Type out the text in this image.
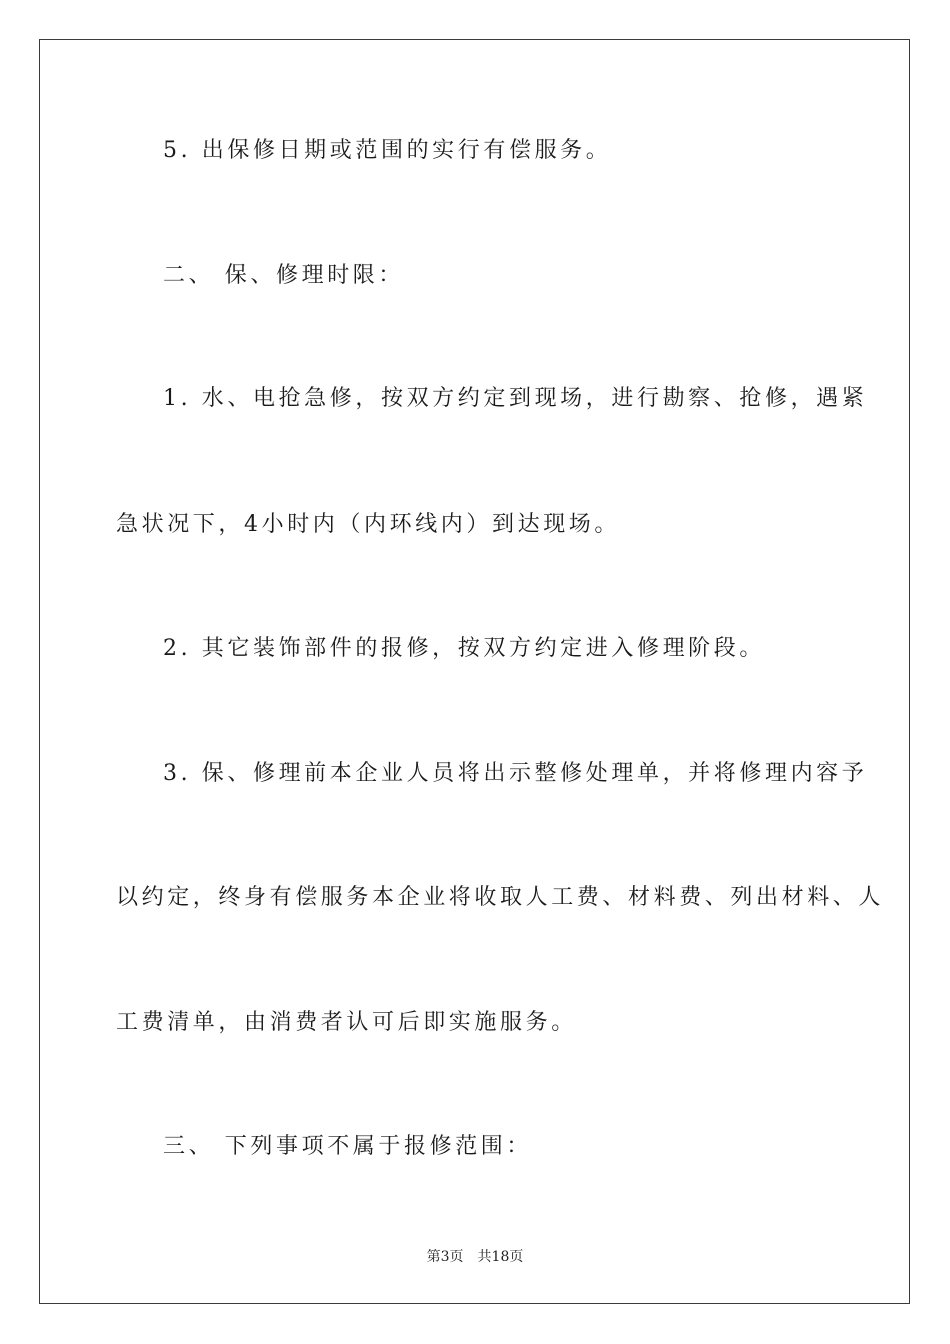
5. 出保修日期或范围的实行有偿服务。
二、 保、修理时限：
1. 水、电抢急修，按双方约定到现场，进行勘察、抢修，遇紧
急状况下，4小时内（内环线内）到达现场。
2. 其它装饰部件的报修，按双方约定进入修理阶段。
3. 保、修理前本企业人员将出示整修处理单，并将修理内容予
以约定，终身有偿服务本企业将收取人工费、材料费、列出材料、人
工费清单，由消费者认可后即实施服务。
三、 下列事项不属于报修范围：
第3页 共18页
